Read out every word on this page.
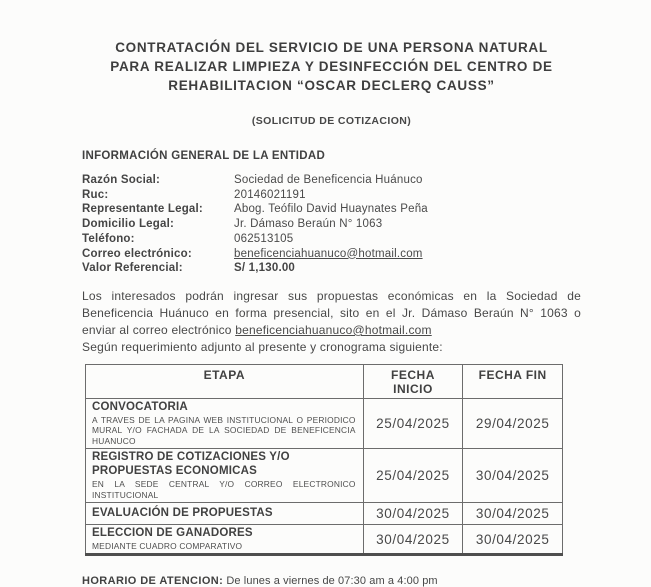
CONTRATACIÓN DEL SERVICIO DE UNA PERSONA NATURAL
PARA REALIZAR LIMPIEZA Y DESINFECCIÓN DEL CENTRO DE
REHABILITACION “OSCAR DECLERQ CAUSS”
(SOLICITUD DE COTIZACION)
INFORMACIÓN GENERAL DE LA ENTIDAD
Razón Social:	Sociedad de Beneficencia Huánuco
Ruc:	20146021191
Representante Legal:	Abog. Teófilo David Huaynates Peña
Domicilio Legal:	Jr. Dámaso Beraún N° 1063
Teléfono:	062513105
Correo electrónico:	beneficenciahuanuco@hotmail.com
Valor Referencial:	S/ 1,130.00

Los interesados podrán ingresar sus propuestas económicas en la Sociedad de Beneficencia Huánuco en forma presencial, sito en el Jr. Dámaso Beraún N° 1063 o enviar al correo electrónico beneficenciahuanuco@hotmail.com

Según requerimiento adjunto al presente y cronograma siguiente:

ETAPA	FECHA INICIO	FECHA FIN

CONVOCATORIA
A TRAVES DE LA PAGINA WEB INSTITUCIONAL O PERIODICO MURAL Y/O FACHADA DE LA SOCIEDAD DE BENEFICENCIA HUANUCO	25/04/2025	29/04/2025

REGISTRO DE COTIZACIONES Y/O PROPUESTAS ECONOMICAS
EN LA SEDE CENTRAL Y/O CORREO ELECTRONICO INSTITUCIONAL	25/04/2025	30/04/2025

EVALUACIÓN DE PROPUESTAS	30/04/2025	30/04/2025

ELECCION DE GANADORES
MEDIANTE CUADRO COMPARATIVO	30/04/2025	30/04/2025
HORARIO DE ATENCION: De lunes a viernes de 07:30 am a 4:00 pm
